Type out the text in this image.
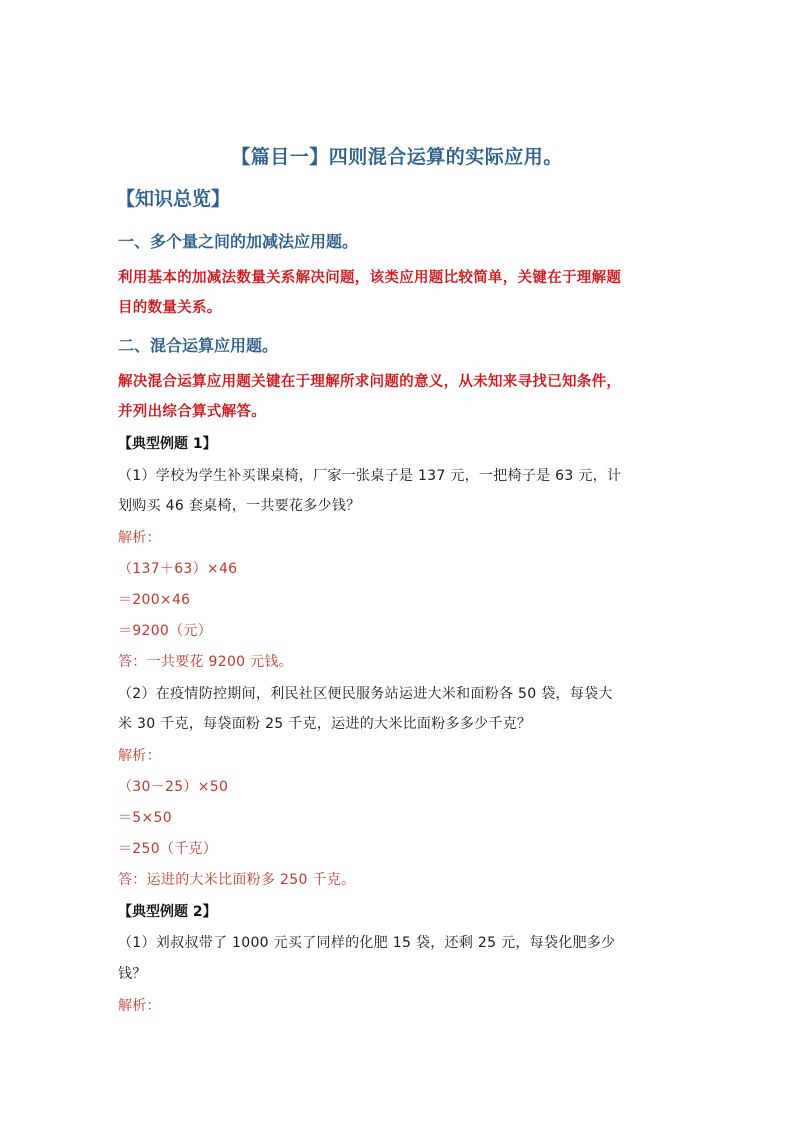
【篇目一】四则混合运算的实际应用。
【知识总览】
一、多个量之间的加减法应用题。
利用基本的加减法数量关系解决问题，该类应用题比较简单，关键在于理解题
目的数量关系。
二、混合运算应用题。
解决混合运算应用题关键在于理解所求问题的意义，从未知来寻找已知条件，
并列出综合算式解答。
【典型例题 1】
（1）学校为学生补买课桌椅，厂家一张桌子是 137 元，一把椅子是 63 元，计
划购买 46 套桌椅，一共要花多少钱？
解析：
（137＋63）×46
＝200×46
＝9200（元）
答：一共要花 9200 元钱。
（2）在疫情防控期间，利民社区便民服务站运进大米和面粉各 50 袋，每袋大
米 30 千克，每袋面粉 25 千克，运进的大米比面粉多多少千克？
解析：
（30－25）×50
＝5×50
＝250（千克）
答：运进的大米比面粉多 250 千克。
【典型例题 2】
（1）刘叔叔带了 1000 元买了同样的化肥 15 袋，还剩 25 元，每袋化肥多少
钱？
解析：
